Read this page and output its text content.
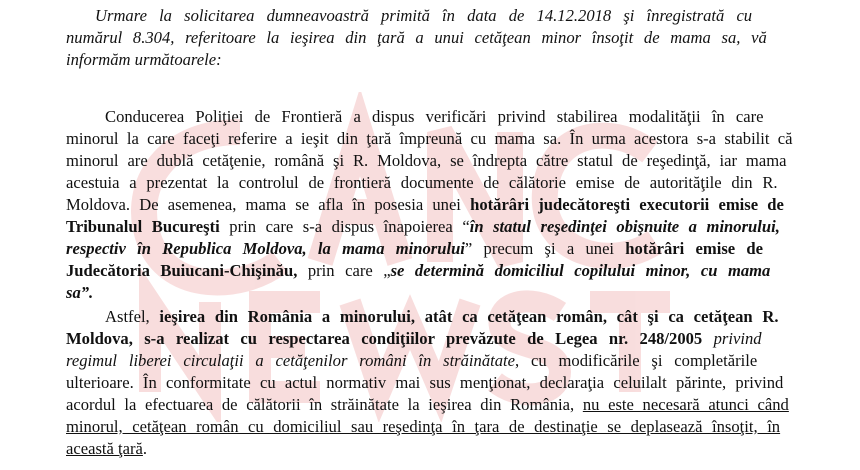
Urmare la solicitarea dumneavoastră primită în data de 14.12.2018 şi înregistrată cu
numărul 8.304, referitoare la ieşirea din ţară a unui cetăţean minor însoţit de mama sa, vă
informăm următoarele:
Conducerea Poliţiei de Frontieră a dispus verificări privind stabilirea modalităţii în care
minorul la care faceţi referire a ieşit din ţară împreună cu mama sa. În urma acestora s-a stabilit că
minorul are dublă cetăţenie, română şi R. Moldova, se îndrepta către statul de reşedinţă, iar mama
acestuia a prezentat la controlul de frontieră documente de călătorie emise de autorităţile din R.
Moldova. De asemenea, mama se afla în posesia unei hotărâri judecătoreşti executorii emise de
Tribunalul Bucureşti prin care s-a dispus înapoierea “în statul reşedinţei obişnuite a minorului,
respectiv în Republica Moldova, la mama minorului” precum şi a unei hotărâri emise de
Judecătoria Buiucani-Chişinău, prin care „se determină domiciliul copilului minor, cu mama
sa”.
Astfel, ieşirea din România a minorului, atât ca cetăţean român, cât şi ca cetăţean R.
Moldova, s-a realizat cu respectarea condiţiilor prevăzute de Legea nr. 248/2005 privind
regimul liberei circulaţii a cetăţenilor români în străinătate, cu modificările şi completările
ulterioare. În conformitate cu actul normativ mai sus menţionat, declaraţia celuilalt părinte, privind
acordul la efectuarea de călătorii în străinătate la ieşirea din România, nu este necesară atunci când
minorul, cetăţean român cu domiciliul sau reşedinţa în ţara de destinaţie se deplasează însoţit, în
această ţară.
